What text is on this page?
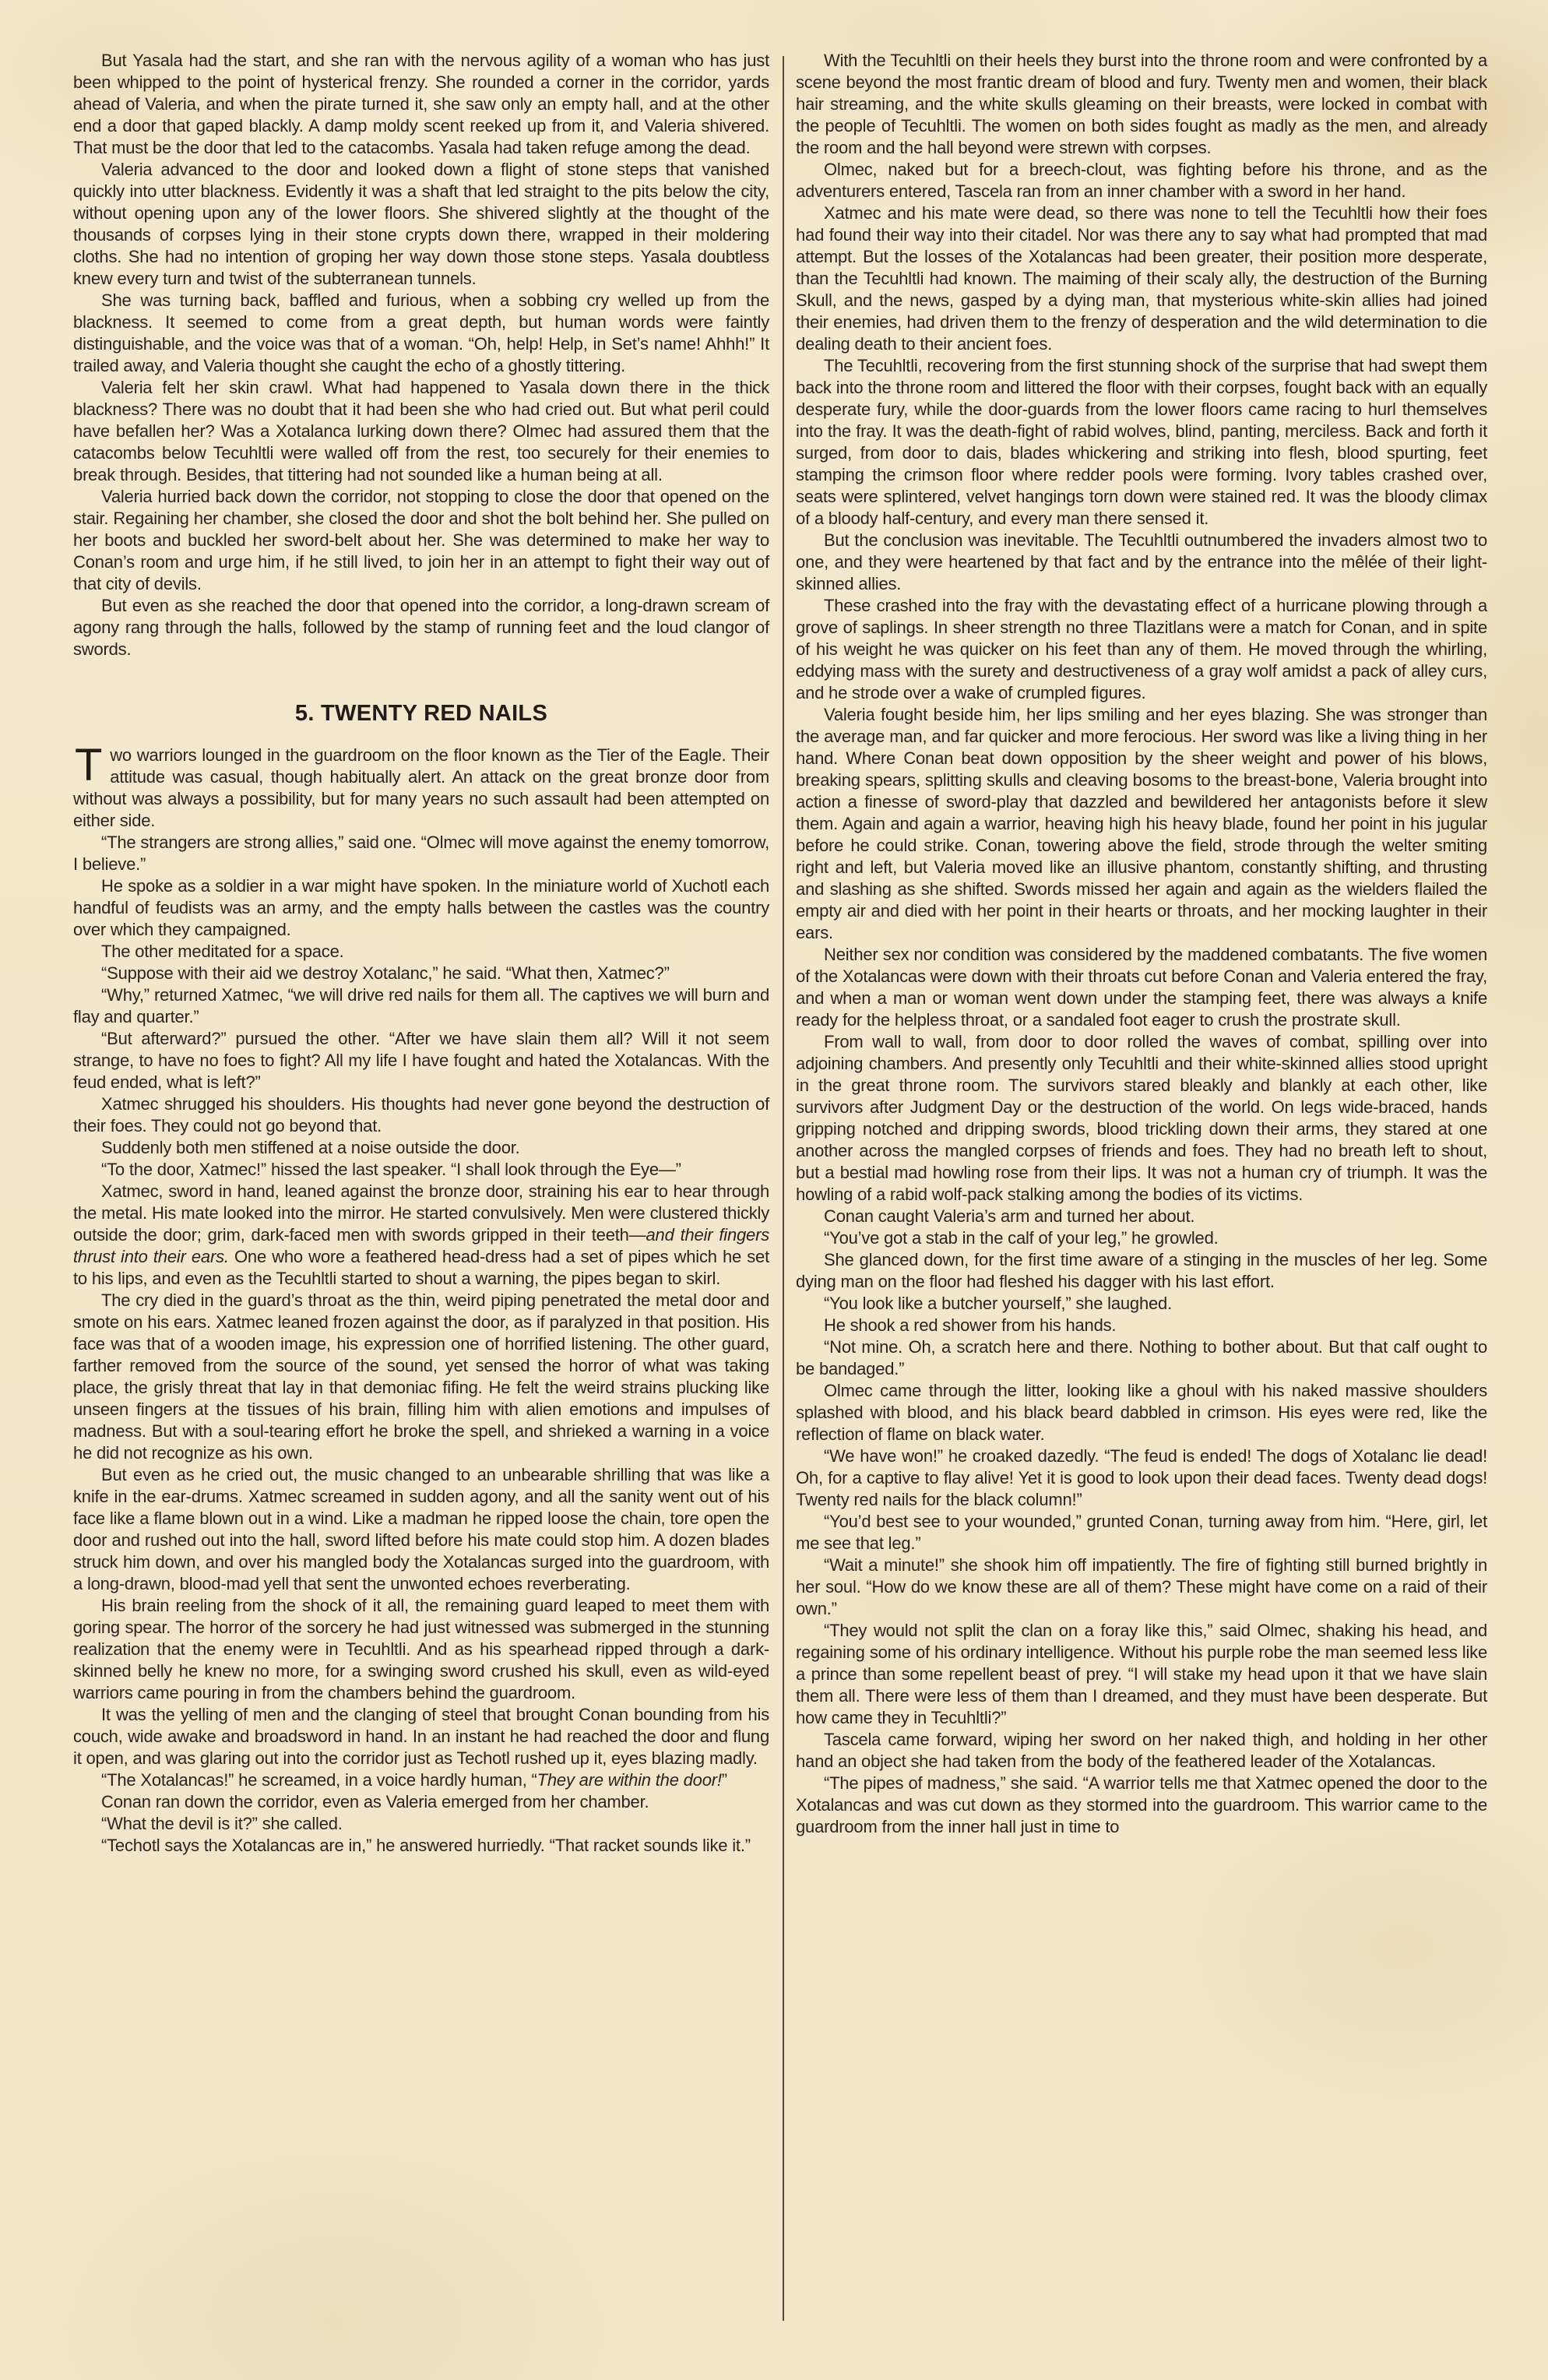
But Yasala had the start, and she ran with the nervous agility of a woman who has just been whipped to the point of hysterical frenzy. She rounded a corner in the corridor, yards ahead of Valeria, and when the pirate turned it, she saw only an empty hall, and at the other end a door that gaped blackly. A damp moldy scent reeked up from it, and Valeria shivered. That must be the door that led to the catacombs. Yasala had taken refuge among the dead.

Valeria advanced to the door and looked down a flight of stone steps that vanished quickly into utter blackness. Evidently it was a shaft that led straight to the pits below the city, without opening upon any of the lower floors. She shivered slightly at the thought of the thousands of corpses lying in their stone crypts down there, wrapped in their moldering cloths. She had no intention of groping her way down those stone steps. Yasala doubtless knew every turn and twist of the subterranean tunnels.

She was turning back, baffled and furious, when a sobbing cry welled up from the blackness. It seemed to come from a great depth, but human words were faintly distinguishable, and the voice was that of a woman. “Oh, help! Help, in Set’s name! Ahhh!” It trailed away, and Valeria thought she caught the echo of a ghostly tittering.

Valeria felt her skin crawl. What had happened to Yasala down there in the thick blackness? There was no doubt that it had been she who had cried out. But what peril could have befallen her? Was a Xotalanca lurking down there? Olmec had assured them that the catacombs below Tecuhltli were walled off from the rest, too securely for their enemies to break through. Besides, that tittering had not sounded like a human being at all.

Valeria hurried back down the corridor, not stopping to close the door that opened on the stair. Regaining her chamber, she closed the door and shot the bolt behind her. She pulled on her boots and buckled her sword-belt about her. She was determined to make her way to Conan’s room and urge him, if he still lived, to join her in an attempt to fight their way out of that city of devils.

But even as she reached the door that opened into the corridor, a long-drawn scream of agony rang through the halls, followed by the stamp of running feet and the loud clangor of swords.

5. TWENTY RED NAILS

Two warriors lounged in the guardroom on the floor known as the Tier of the Eagle. Their attitude was casual, though habitually alert. An attack on the great bronze door from without was always a possibility, but for many years no such assault had been attempted on either side.

“The strangers are strong allies,” said one. “Olmec will move against the enemy tomorrow, I believe.”

He spoke as a soldier in a war might have spoken. In the miniature world of Xuchotl each handful of feudists was an army, and the empty halls between the castles was the country over which they campaigned.

The other meditated for a space.

“Suppose with their aid we destroy Xotalanc,” he said. “What then, Xatmec?”

“Why,” returned Xatmec, “we will drive red nails for them all. The captives we will burn and flay and quarter.”

“But afterward?” pursued the other. “After we have slain them all? Will it not seem strange, to have no foes to fight? All my life I have fought and hated the Xotalancas. With the feud ended, what is left?”

Xatmec shrugged his shoulders. His thoughts had never gone beyond the destruction of their foes. They could not go beyond that.

Suddenly both men stiffened at a noise outside the door.

“To the door, Xatmec!” hissed the last speaker. “I shall look through the Eye—”

Xatmec, sword in hand, leaned against the bronze door, straining his ear to hear through the metal. His mate looked into the mirror. He started convulsively. Men were clustered thickly outside the door; grim, dark-faced men with swords gripped in their teeth—and their fingers thrust into their ears. One who wore a feathered head-dress had a set of pipes which he set to his lips, and even as the Tecuhltli started to shout a warning, the pipes began to skirl.

The cry died in the guard’s throat as the thin, weird piping penetrated the metal door and smote on his ears. Xatmec leaned frozen against the door, as if paralyzed in that position. His face was that of a wooden image, his expression one of horrified listening. The other guard, farther removed from the source of the sound, yet sensed the horror of what was taking place, the grisly threat that lay in that demoniac fifing. He felt the weird strains plucking like unseen fingers at the tissues of his brain, filling him with alien emotions and impulses of madness. But with a soul-tearing effort he broke the spell, and shrieked a warning in a voice he did not recognize as his own.

But even as he cried out, the music changed to an unbearable shrilling that was like a knife in the ear-drums. Xatmec screamed in sudden agony, and all the sanity went out of his face like a flame blown out in a wind. Like a madman he ripped loose the chain, tore open the door and rushed out into the hall, sword lifted before his mate could stop him. A dozen blades struck him down, and over his mangled body the Xotalancas surged into the guardroom, with a long-drawn, blood-mad yell that sent the unwonted echoes reverberating.

His brain reeling from the shock of it all, the remaining guard leaped to meet them with goring spear. The horror of the sorcery he had just witnessed was submerged in the stunning realization that the enemy were in Tecuhltli. And as his spearhead ripped through a dark-skinned belly he knew no more, for a swinging sword crushed his skull, even as wild-eyed warriors came pouring in from the chambers behind the guardroom.

It was the yelling of men and the clanging of steel that brought Conan bounding from his couch, wide awake and broadsword in hand. In an instant he had reached the door and flung it open, and was glaring out into the corridor just as Techotl rushed up it, eyes blazing madly.

“The Xotalancas!” he screamed, in a voice hardly human, “They are within the door!”

Conan ran down the corridor, even as Valeria emerged from her chamber.

“What the devil is it?” she called.

“Techotl says the Xotalancas are in,” he answered hurriedly. “That racket sounds like it.”

With the Tecuhltli on their heels they burst into the throne room and were confronted by a scene beyond the most frantic dream of blood and fury. Twenty men and women, their black hair streaming, and the white skulls gleaming on their breasts, were locked in combat with the people of Tecuhltli. The women on both sides fought as madly as the men, and already the room and the hall beyond were strewn with corpses.

Olmec, naked but for a breech-clout, was fighting before his throne, and as the adventurers entered, Tascela ran from an inner chamber with a sword in her hand.

Xatmec and his mate were dead, so there was none to tell the Tecuhltli how their foes had found their way into their citadel. Nor was there any to say what had prompted that mad attempt. But the losses of the Xotalancas had been greater, their position more desperate, than the Tecuhltli had known. The maiming of their scaly ally, the destruction of the Burning Skull, and the news, gasped by a dying man, that mysterious white-skin allies had joined their enemies, had driven them to the frenzy of desperation and the wild determination to die dealing death to their ancient foes.

The Tecuhltli, recovering from the first stunning shock of the surprise that had swept them back into the throne room and littered the floor with their corpses, fought back with an equally desperate fury, while the door-guards from the lower floors came racing to hurl themselves into the fray. It was the death-fight of rabid wolves, blind, panting, merciless. Back and forth it surged, from door to dais, blades whickering and striking into flesh, blood spurting, feet stamping the crimson floor where redder pools were forming. Ivory tables crashed over, seats were splintered, velvet hangings torn down were stained red. It was the bloody climax of a bloody half-century, and every man there sensed it.

But the conclusion was inevitable. The Tecuhltli outnumbered the invaders almost two to one, and they were heartened by that fact and by the entrance into the mêlée of their light-skinned allies.

These crashed into the fray with the devastating effect of a hurricane plowing through a grove of saplings. In sheer strength no three Tlazitlans were a match for Conan, and in spite of his weight he was quicker on his feet than any of them. He moved through the whirling, eddying mass with the surety and destructiveness of a gray wolf amidst a pack of alley curs, and he strode over a wake of crumpled figures.

Valeria fought beside him, her lips smiling and her eyes blazing. She was stronger than the average man, and far quicker and more ferocious. Her sword was like a living thing in her hand. Where Conan beat down opposition by the sheer weight and power of his blows, breaking spears, splitting skulls and cleaving bosoms to the breast-bone, Valeria brought into action a finesse of sword-play that dazzled and bewildered her antagonists before it slew them. Again and again a warrior, heaving high his heavy blade, found her point in his jugular before he could strike. Conan, towering above the field, strode through the welter smiting right and left, but Valeria moved like an illusive phantom, constantly shifting, and thrusting and slashing as she shifted. Swords missed her again and again as the wielders flailed the empty air and died with her point in their hearts or throats, and her mocking laughter in their ears.

Neither sex nor condition was considered by the maddened combatants. The five women of the Xotalancas were down with their throats cut before Conan and Valeria entered the fray, and when a man or woman went down under the stamping feet, there was always a knife ready for the helpless throat, or a sandaled foot eager to crush the prostrate skull.

From wall to wall, from door to door rolled the waves of combat, spilling over into adjoining chambers. And presently only Tecuhltli and their white-skinned allies stood upright in the great throne room. The survivors stared bleakly and blankly at each other, like survivors after Judgment Day or the destruction of the world. On legs wide-braced, hands gripping notched and dripping swords, blood trickling down their arms, they stared at one another across the mangled corpses of friends and foes. They had no breath left to shout, but a bestial mad howling rose from their lips. It was not a human cry of triumph. It was the howling of a rabid wolf-pack stalking among the bodies of its victims.

Conan caught Valeria’s arm and turned her about.

“You’ve got a stab in the calf of your leg,” he growled.

She glanced down, for the first time aware of a stinging in the muscles of her leg. Some dying man on the floor had fleshed his dagger with his last effort.

“You look like a butcher yourself,” she laughed.

He shook a red shower from his hands.

“Not mine. Oh, a scratch here and there. Nothing to bother about. But that calf ought to be bandaged.”

Olmec came through the litter, looking like a ghoul with his naked massive shoulders splashed with blood, and his black beard dabbled in crimson. His eyes were red, like the reflection of flame on black water.

“We have won!” he croaked dazedly. “The feud is ended! The dogs of Xotalanc lie dead! Oh, for a captive to flay alive! Yet it is good to look upon their dead faces. Twenty dead dogs! Twenty red nails for the black column!”

“You’d best see to your wounded,” grunted Conan, turning away from him. “Here, girl, let me see that leg.”

“Wait a minute!” she shook him off impatiently. The fire of fighting still burned brightly in her soul. “How do we know these are all of them? These might have come on a raid of their own.”

“They would not split the clan on a foray like this,” said Olmec, shaking his head, and regaining some of his ordinary intelligence. Without his purple robe the man seemed less like a prince than some repellent beast of prey. “I will stake my head upon it that we have slain them all. There were less of them than I dreamed, and they must have been desperate. But how came they in Tecuhltli?”

Tascela came forward, wiping her sword on her naked thigh, and holding in her other hand an object she had taken from the body of the feathered leader of the Xotalancas.

“The pipes of madness,” she said. “A warrior tells me that Xatmec opened the door to the Xotalancas and was cut down as they stormed into the guardroom. This warrior came to the guardroom from the inner hall just in time to
